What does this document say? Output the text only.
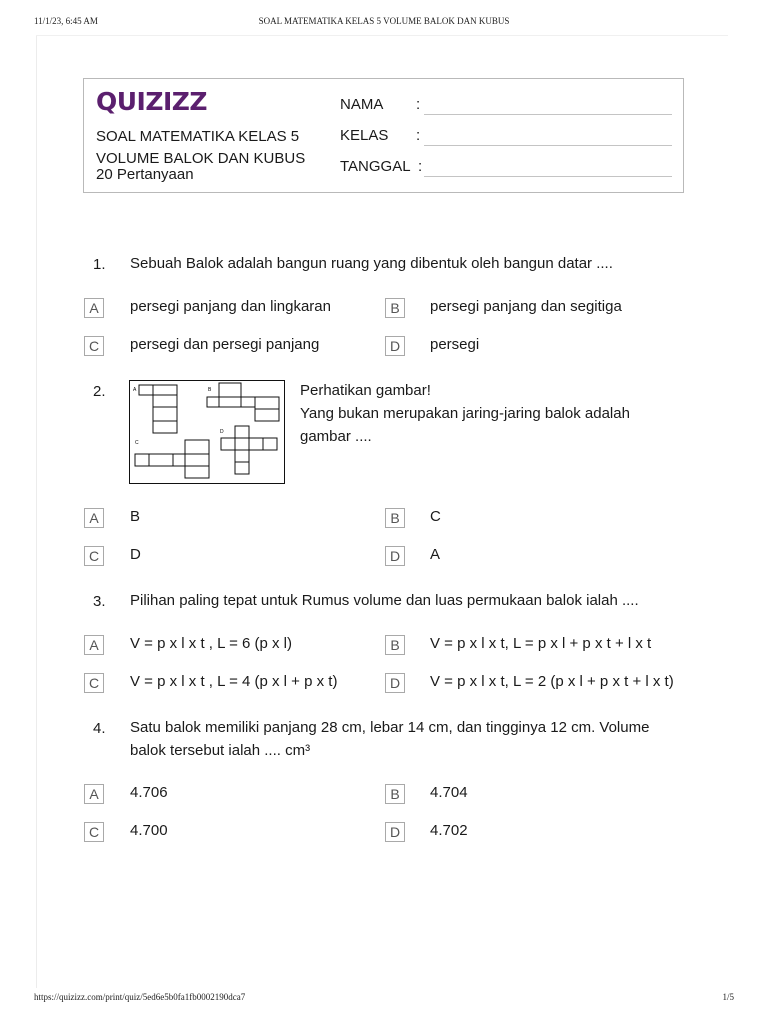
11/1/23, 6:45 AM	SOAL MATEMATIKA KELAS 5 VOLUME BALOK DAN KUBUS
QUIZIZZ
SOAL MATEMATIKA KELAS 5
VOLUME BALOK DAN KUBUS
20 Pertanyaan
NAMA :
KELAS :
TANGGAL :
1. Sebuah Balok adalah bangun ruang yang dibentuk oleh bangun datar ....
A	persegi panjang dan lingkaran	B	persegi panjang dan segitiga
C	persegi dan persegi panjang	D	persegi
2.	A	B
C
D
Perhatikan gambar!
Yang bukan merupakan jaring-jaring balok adalah
gambar ....
A	B	B	C
C	D	D	A
3. Pilihan paling tepat untuk Rumus volume dan luas permukaan balok ialah ....
A	V = p x l x t , L = 6 (p x l)	B	V = p x l x t, L = p x l + p x t + l x t
C	V = p x l x t , L = 4 (p x l + p x t)	D	V = p x l x t, L = 2 (p x l + p x t + l x t)
4. Satu balok memiliki panjang 28 cm, lebar 14 cm, dan tingginya 12 cm. Volume
balok tersebut ialah .... cm³
A	4.706	B	4.704
C	4.700	D	4.702
https://quizizz.com/print/quiz/5ed6e5b0fa1fb0002190dca7	1/5
